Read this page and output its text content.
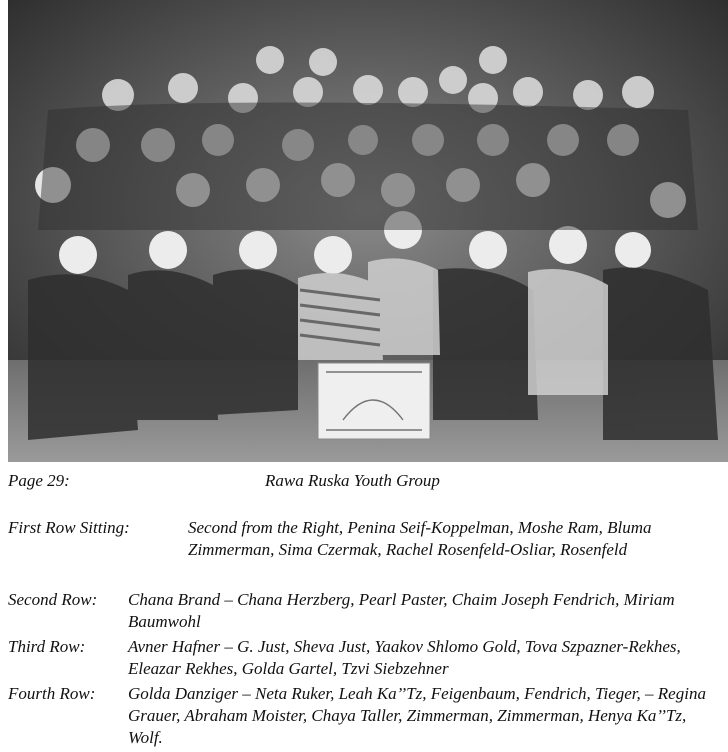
Page 29:	Rawa Ruska Youth Group
First Row Sitting:	Second from the Right, Penina Seif-Koppelman, Moshe Ram, Bluma Zimmerman, Sima Czermak, Rachel Rosenfeld-Osliar, Rosenfeld
Second Row: Chana Brand – Chana Herzberg, Pearl Paster, Chaim Joseph Fendrich, Miriam Baumwohl
Third Row:	Avner Hafner – G. Just, Sheva Just, Yaakov Shlomo Gold, Tova Szpazner-Rekhes, Eleazar Rekhes, Golda Gartel, Tzvi Siebzehner
Fourth Row: Golda Danziger – Neta Ruker, Leah Ka’’Tz, Feigenbaum, Fendrich, Tieger, – Regina Grauer, Abraham Moister, Chaya Taller, Zimmerman, Zimmerman, Henya Ka’’Tz, Wolf.
